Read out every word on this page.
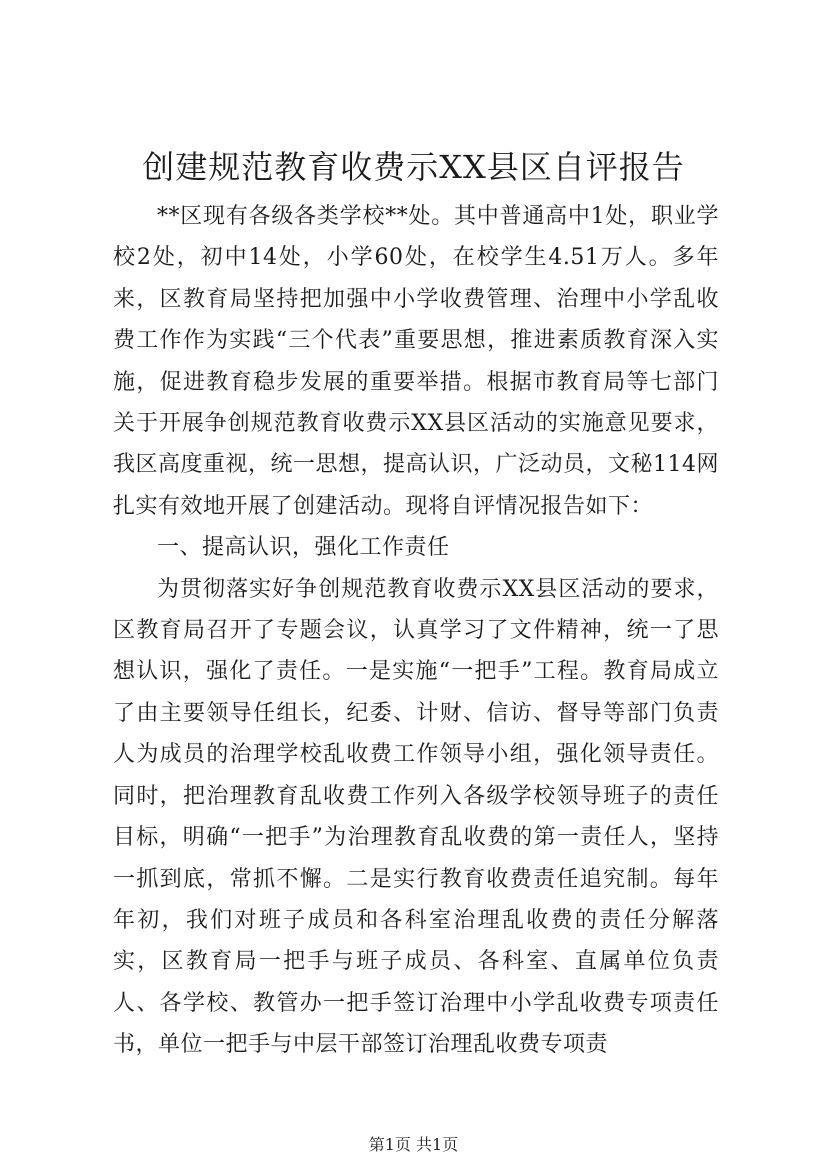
创建规范教育收费示XX县区自评报告

**区现有各级各类学校**处。其中普通高中1处，职业学校2处，初中14处，小学60处，在校学生4.51万人。多年来，区教育局坚持把加强中小学收费管理、治理中小学乱收费工作作为实践“三个代表”重要思想，推进素质教育深入实施，促进教育稳步发展的重要举措。根据市教育局等七部门关于开展争创规范教育收费示XX县区活动的实施意见要求，我区高度重视，统一思想，提高认识，广泛动员，文秘114网扎实有效地开展了创建活动。现将自评情况报告如下：

一、提高认识，强化工作责任

为贯彻落实好争创规范教育收费示XX县区活动的要求，区教育局召开了专题会议，认真学习了文件精神，统一了思想认识，强化了责任。一是实施“一把手”工程。教育局成立了由主要领导任组长，纪委、计财、信访、督导等部门负责人为成员的治理学校乱收费工作领导小组，强化领导责任。同时，把治理教育乱收费工作列入各级学校领导班子的责任目标，明确“一把手”为治理教育乱收费的第一责任人，坚持一抓到底，常抓不懈。二是实行教育收费责任追究制。每年年初，我们对班子成员和各科室治理乱收费的责任分解落实，区教育局一把手与班子成员、各科室、直属单位负责人、各学校、教管办一把手签订治理中小学乱收费专项责任书，单位一把手与中层干部签订治理乱收费专项责

第1页 共1页
